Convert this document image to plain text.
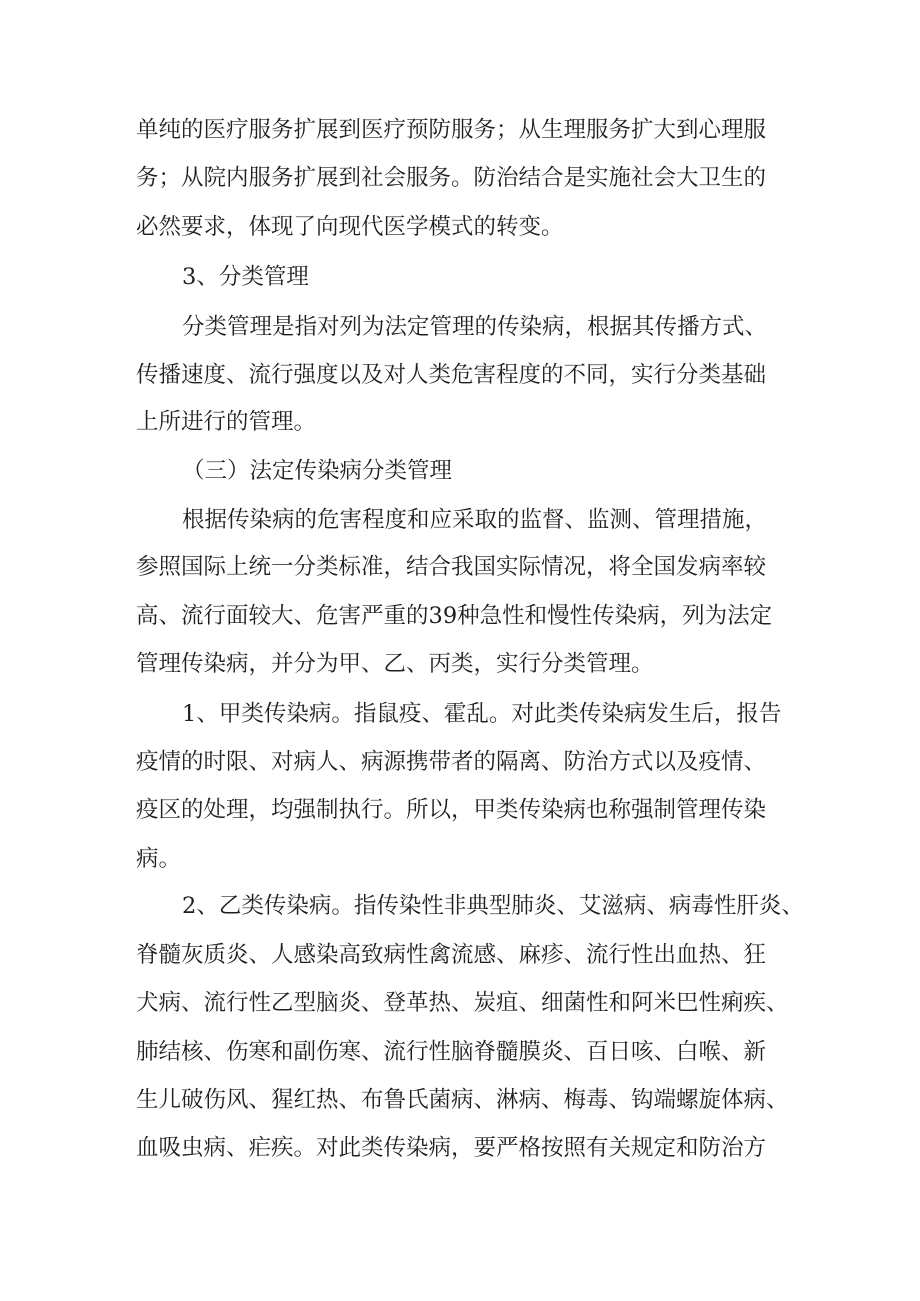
单纯的医疗服务扩展到医疗预防服务；从生理服务扩大到心理服
务；从院内服务扩展到社会服务。防治结合是实施社会大卫生的
必然要求，体现了向现代医学模式的转变。
3、分类管理
分类管理是指对列为法定管理的传染病，根据其传播方式、
传播速度、流行强度以及对人类危害程度的不同，实行分类基础
上所进行的管理。
（三）法定传染病分类管理
根据传染病的危害程度和应采取的监督、监测、管理措施，
参照国际上统一分类标准，结合我国实际情况，将全国发病率较
高、流行面较大、危害严重的39种急性和慢性传染病，列为法定
管理传染病，并分为甲、乙、丙类，实行分类管理。
1、甲类传染病。指鼠疫、霍乱。对此类传染病发生后，报告
疫情的时限、对病人、病源携带者的隔离、防治方式以及疫情、
疫区的处理，均强制执行。所以，甲类传染病也称强制管理传染
病。
2、乙类传染病。指传染性非典型肺炎、艾滋病、病毒性肝炎、
脊髓灰质炎、人感染高致病性禽流感、麻疹、流行性出血热、狂
犬病、流行性乙型脑炎、登革热、炭疽、细菌性和阿米巴性痢疾、
肺结核、伤寒和副伤寒、流行性脑脊髓膜炎、百日咳、白喉、新
生儿破伤风、猩红热、布鲁氏菌病、淋病、梅毒、钩端螺旋体病、
血吸虫病、疟疾。对此类传染病，要严格按照有关规定和防治方
